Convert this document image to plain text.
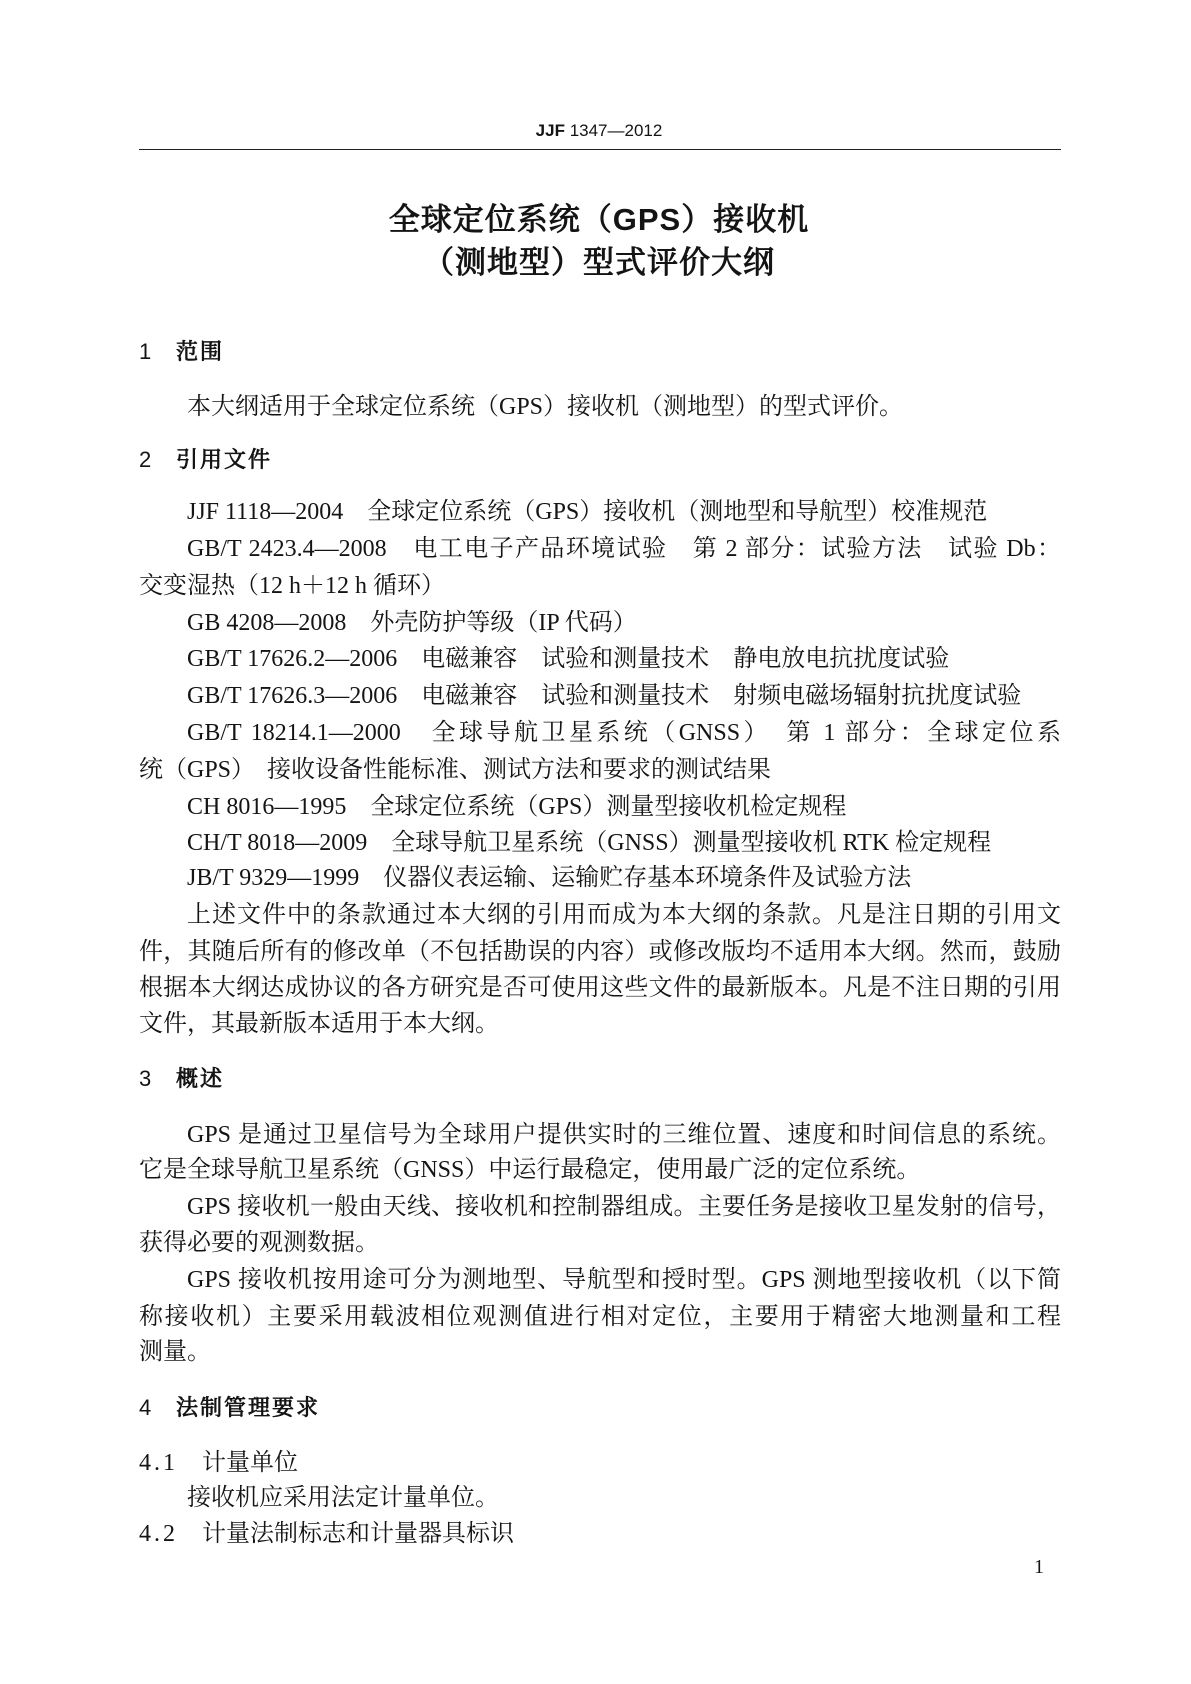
JJF 1347—2012
全球定位系统（GPS）接收机
（测地型）型式评价大纲
1 范围
本大纲适用于全球定位系统（GPS）接收机（测地型）的型式评价。
2 引用文件
JJF 1118—2004　全球定位系统（GPS）接收机（测地型和导航型）校准规范
GB/T 2423.4—2008　电工电子产品环境试验　第 2 部分：试验方法　试验 Db：
交变湿热（12 h＋12 h 循环）
GB 4208—2008　外壳防护等级（IP 代码）
GB/T 17626.2—2006　电磁兼容　试验和测量技术　静电放电抗扰度试验
GB/T 17626.3—2006　电磁兼容　试验和测量技术　射频电磁场辐射抗扰度试验
GB/T 18214.1—2000　全球导航卫星系统（GNSS）　第 1 部分：全球定位系
统（GPS）　接收设备性能标准、测试方法和要求的测试结果
CH 8016—1995　全球定位系统（GPS）测量型接收机检定规程
CH/T 8018—2009　全球导航卫星系统（GNSS）测量型接收机 RTK 检定规程
JB/T 9329—1999　仪器仪表运输、运输贮存基本环境条件及试验方法
上述文件中的条款通过本大纲的引用而成为本大纲的条款。凡是注日期的引用文
件，其随后所有的修改单（不包括勘误的内容）或修改版均不适用本大纲。然而，鼓励
根据本大纲达成协议的各方研究是否可使用这些文件的最新版本。凡是不注日期的引用
文件，其最新版本适用于本大纲。
3 概述
GPS 是通过卫星信号为全球用户提供实时的三维位置、速度和时间信息的系统。
它是全球导航卫星系统（GNSS）中运行最稳定，使用最广泛的定位系统。
GPS 接收机一般由天线、接收机和控制器组成。主要任务是接收卫星发射的信号，
获得必要的观测数据。
GPS 接收机按用途可分为测地型、导航型和授时型。GPS 测地型接收机（以下简
称接收机）主要采用载波相位观测值进行相对定位，主要用于精密大地测量和工程
测量。
4 法制管理要求
4.1 计量单位
接收机应采用法定计量单位。
4.2 计量法制标志和计量器具标识
1
